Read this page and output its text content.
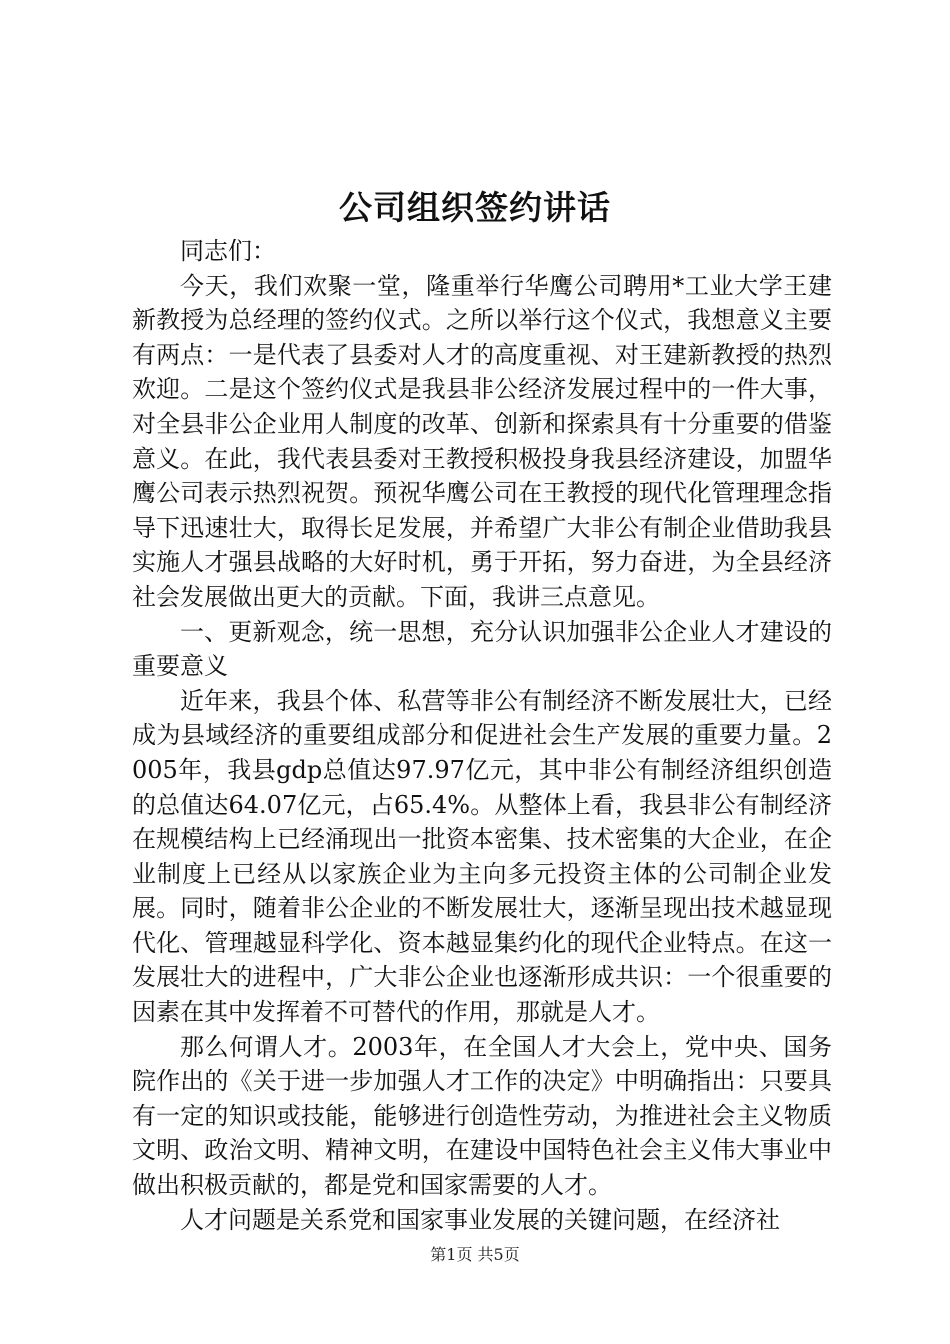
公司组织签约讲话

同志们：

今天，我们欢聚一堂，隆重举行华鹰公司聘用*工业大学王建新教授为总经理的签约仪式。之所以举行这个仪式，我想意义主要有两点：一是代表了县委对人才的高度重视、对王建新教授的热烈欢迎。二是这个签约仪式是我县非公经济发展过程中的一件大事，对全县非公企业用人制度的改革、创新和探索具有十分重要的借鉴意义。在此，我代表县委对王教授积极投身我县经济建设，加盟华鹰公司表示热烈祝贺。预祝华鹰公司在王教授的现代化管理理念指导下迅速壮大，取得长足发展，并希望广大非公有制企业借助我县实施人才强县战略的大好时机，勇于开拓，努力奋进，为全县经济社会发展做出更大的贡献。下面，我讲三点意见。

一、更新观念，统一思想，充分认识加强非公企业人才建设的重要意义

近年来，我县个体、私营等非公有制经济不断发展壮大，已经成为县域经济的重要组成部分和促进社会生产发展的重要力量。2005年，我县gdp总值达97.97亿元，其中非公有制经济组织创造的总值达64.07亿元，占65.4%。从整体上看，我县非公有制经济在规模结构上已经涌现出一批资本密集、技术密集的大企业，在企业制度上已经从以家族企业为主向多元投资主体的公司制企业发展。同时，随着非公企业的不断发展壮大，逐渐呈现出技术越显现代化、管理越显科学化、资本越显集约化的现代企业特点。在这一发展壮大的进程中，广大非公企业也逐渐形成共识：一个很重要的因素在其中发挥着不可替代的作用，那就是人才。

那么何谓人才。2003年，在全国人才大会上，党中央、国务院作出的《关于进一步加强人才工作的决定》中明确指出：只要具有一定的知识或技能，能够进行创造性劳动，为推进社会主义物质文明、政治文明、精神文明，在建设中国特色社会主义伟大事业中做出积极贡献的，都是党和国家需要的人才。

人才问题是关系党和国家事业发展的关键问题，在经济社

第1页 共5页
